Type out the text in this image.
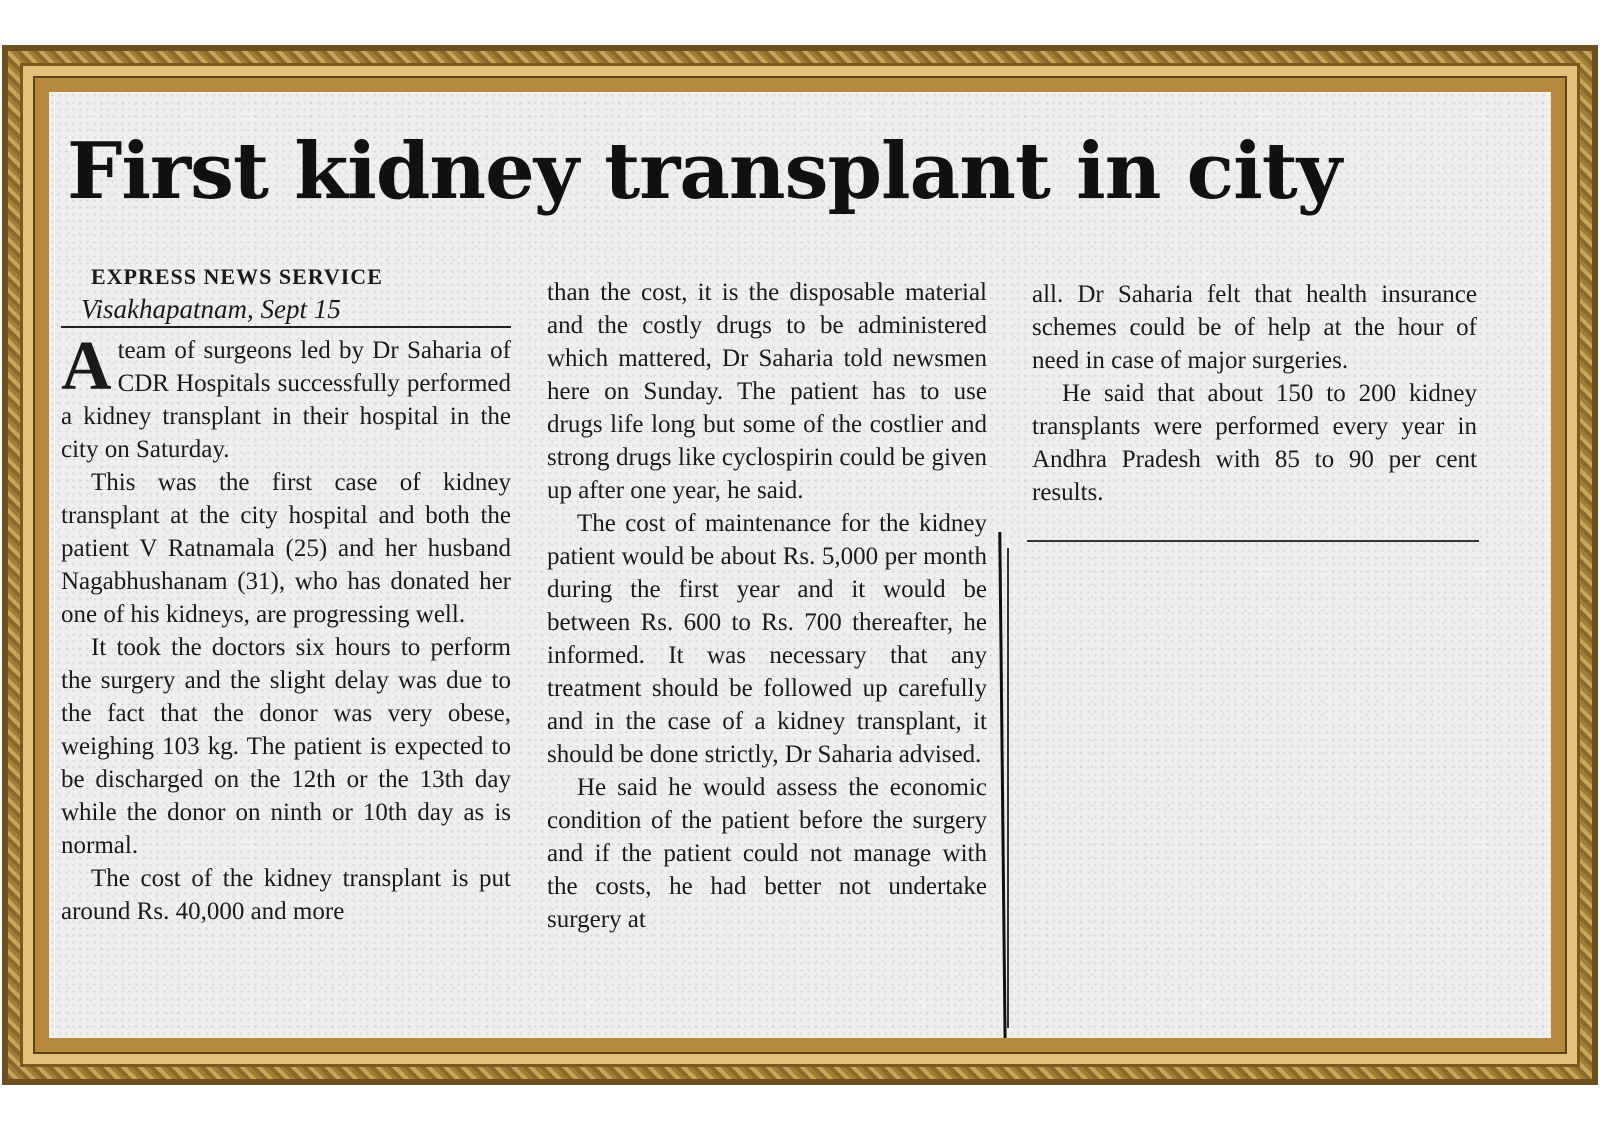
First kidney transplant in city

EXPRESS NEWS SERVICE

Visakhapatnam, Sept 15

Ateam of surgeons led by Dr Saharia of CDR Hospitals successfully performed a kidney transplant in their hospital in the city on Saturday.

This was the first case of kidney transplant at the city hospital and both the patient V Ratnamala (25) and her husband Nagabhushanam (31), who has donated her one of his kidneys, are progressing well.

It took the doctors six hours to perform the surgery and the slight delay was due to the fact that the donor was very obese, weighing 103 kg. The patient is expected to be discharged on the 12th or the 13th day while the donor on ninth or 10th day as is normal.

The cost of the kidney transplant is put around Rs. 40,000 and more

than the cost, it is the disposable material and the costly drugs to be administered which mattered, Dr Saharia told newsmen here on Sunday. The patient has to use drugs life long but some of the costlier and strong drugs like cyclospirin could be given up after one year, he said.

The cost of maintenance for the kidney patient would be about Rs. 5,000 per month during the first year and it would be between Rs. 600 to Rs. 700 thereafter, he informed. It was necessary that any treatment should be followed up carefully and in the case of a kidney transplant, it should be done strictly, Dr Saharia advised.

He said he would assess the economic condition of the patient before the surgery and if the patient could not manage with the costs, he had better not undertake surgery at

all. Dr Saharia felt that health insurance schemes could be of help at the hour of need in case of major surgeries.

He said that about 150 to 200 kidney transplants were performed every year in Andhra Pradesh with 85 to 90 per cent results.
